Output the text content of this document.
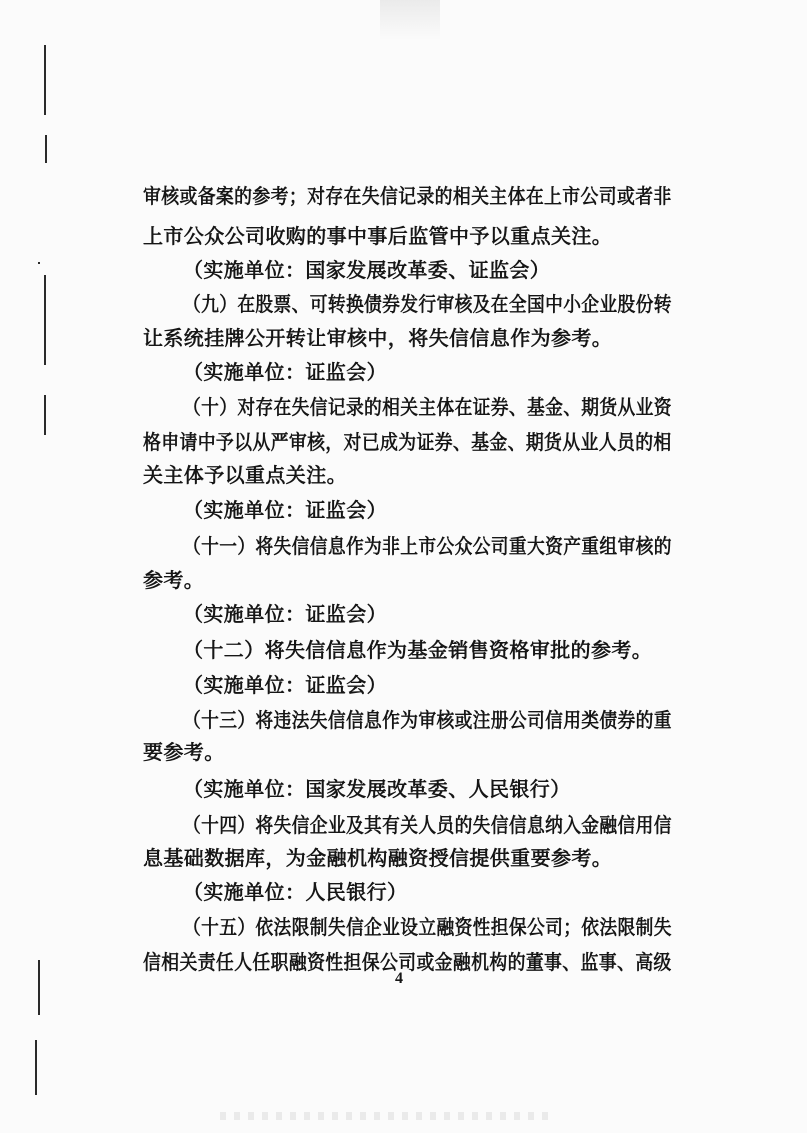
审核或备案的参考；对存在失信记录的相关主体在上市公司或者非
上市公众公司收购的事中事后监管中予以重点关注。
（实施单位：国家发展改革委、证监会）
（九）在股票、可转换债券发行审核及在全国中小企业股份转
让系统挂牌公开转让审核中，将失信信息作为参考。
（实施单位：证监会）
（十）对存在失信记录的相关主体在证券、基金、期货从业资
格申请中予以从严审核，对已成为证券、基金、期货从业人员的相
关主体予以重点关注。
（实施单位：证监会）
（十一）将失信信息作为非上市公众公司重大资产重组审核的
参考。
（实施单位：证监会）
（十二）将失信信息作为基金销售资格审批的参考。
（实施单位：证监会）
（十三）将违法失信信息作为审核或注册公司信用类债券的重
要参考。
（实施单位：国家发展改革委、人民银行）
（十四）将失信企业及其有关人员的失信信息纳入金融信用信
息基础数据库，为金融机构融资授信提供重要参考。
（实施单位：人民银行）
（十五）依法限制失信企业设立融资性担保公司；依法限制失
信相关责任人任职融资性担保公司或金融机构的董事、监事、高级
4
